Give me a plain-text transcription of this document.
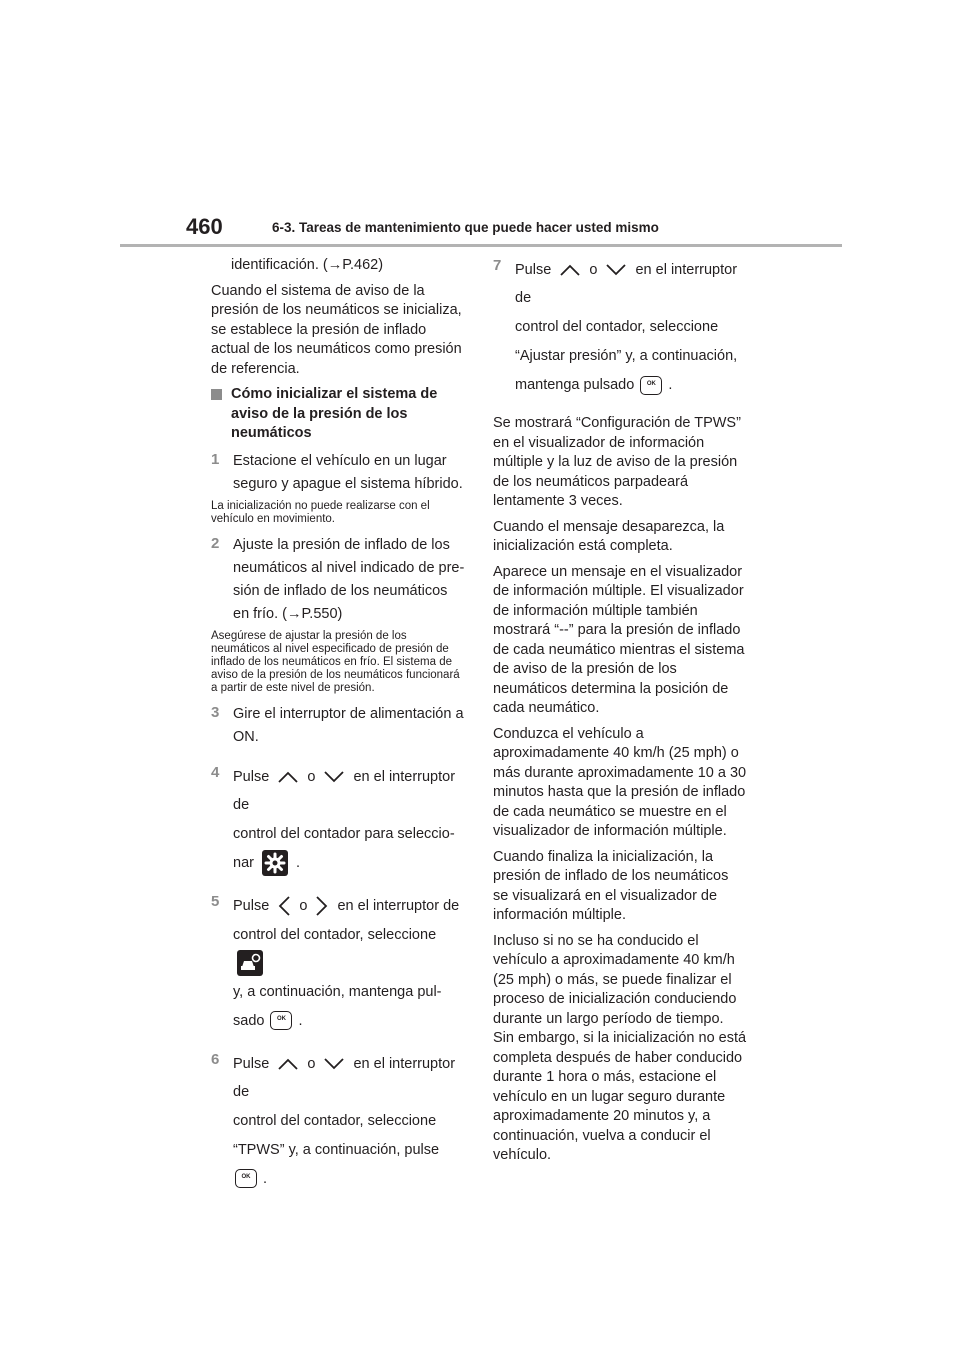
460	6-3. Tareas de mantenimiento que puede hacer usted mismo

identificación. (→P.462)

Cuando el sistema de aviso de la presión de los neumáticos se inicializa, se establece la presión de inflado actual de los neumáticos como presión de referencia.

Cómo inicializar el sistema de aviso de la presión de los neumáticos
1 Estacione el vehículo en un lugar
seguro y apague el sistema híbrido.

La inicialización no puede realizarse con el vehículo en movimiento.

2 Ajuste la presión de inflado de los
neumáticos al nivel indicado de pre-
sión de inflado de los neumáticos
en frío. (→P.550)

Asegúrese de ajustar la presión de los neumáticos al nivel especificado de presión de inflado de los neumáticos en frío. El sistema de aviso de la presión de los neumáticos funcionará a partir de este nivel de presión.

3 Gire el interruptor de alimentación a
ON.
4 Pulse	o	en el interruptor de
control del contador para seleccio-
nar	.
5 Pulse o en el interruptor de
control del contador, seleccione
y, a continuación, mantenga pul-
sado	OK .
6 Pulse	o	en el interruptor de
control del contador, seleccione
“TPWS” y, a continuación, pulse
OK .
7 Pulse	o	en el interruptor de
control del contador, seleccione
“Ajustar presión” y, a continuación,
mantenga pulsado	OK .

Se mostrará “Configuración de TPWS” en el visualizador de información múltiple y la luz de aviso de la presión de los neumáticos parpadeará lentamente 3 veces.

Cuando el mensaje desaparezca, la inicialización está completa.

Aparece un mensaje en el visualizador de información múltiple. El visualizador de información múltiple también mostrará “--” para la presión de inflado de cada neumático mientras el sistema de aviso de la presión de los neumáticos determina la posición de cada neumático.

Conduzca el vehículo a aproximadamente 40 km/h (25 mph) o más durante aproximadamente 10 a 30 minutos hasta que la presión de inflado de cada neumático se muestre en el visualizador de información múltiple.

Cuando finaliza la inicialización, la presión de inflado de los neumáticos se visualizará en el visualizador de información múltiple.

Incluso si no se ha conducido el vehículo a aproximadamente 40 km/h (25 mph) o más, se puede finalizar el proceso de inicialización conduciendo durante un largo período de tiempo. Sin embargo, si la inicialización no está completa después de haber conducido durante 1 hora o más, estacione el vehículo en un lugar seguro durante aproximadamente 20 minutos y, a continuación, vuelva a conducir el vehículo.
